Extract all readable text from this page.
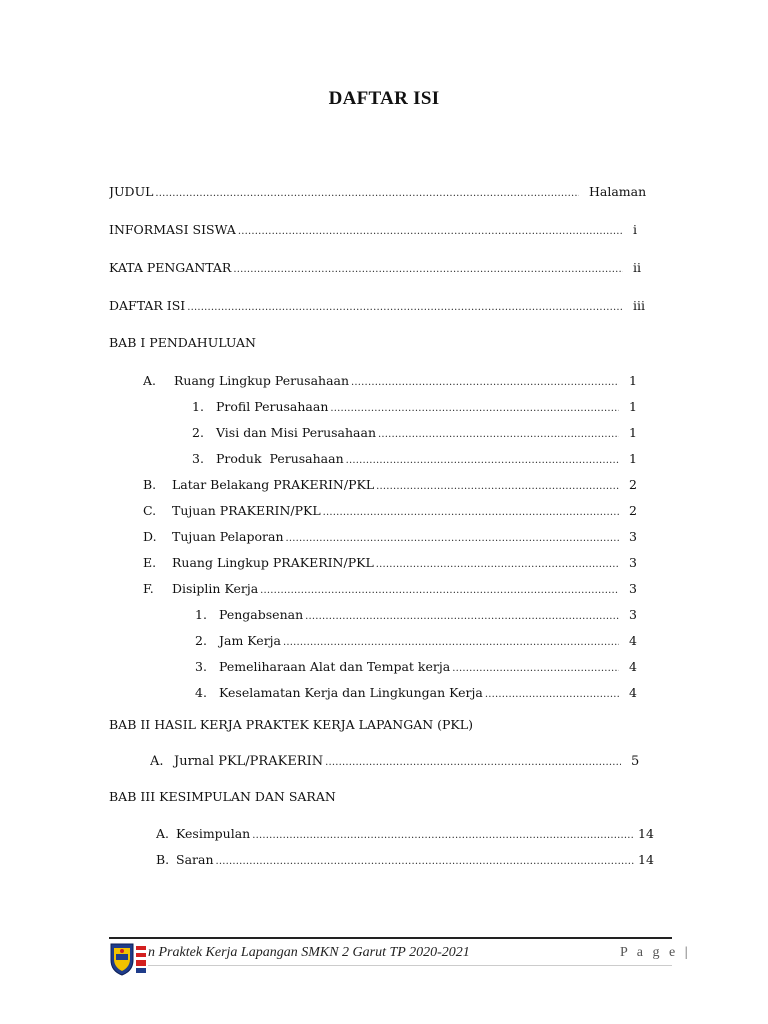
DAFTAR ISI
JUDUL .....	Halaman
INFORMASI SISWA .....	i
KATA PENGANTAR .....	ii
DAFTAR ISI .....	iii
BAB I PENDAHULUAN
A.	Ruang Lingkup Perusahaan .....	1
1. Profil Perusahaan .....	1
2. Visi dan Misi Perusahaan .....	1
3. Produk  Perusahaan .....	1
B.	Latar Belakang PRAKERIN/PKL .....	2
C.	Tujuan PRAKERIN/PKL .....	2
D.	Tujuan Pelaporan .....	3
E.	Ruang Lingkup PRAKERIN/PKL .....	3
F.	Disiplin Kerja .....	3
1. Pengabsenan .....	3
2. Jam Kerja .....	4
3. Pemeliharaan Alat dan Tempat kerja .....	4
4. Keselamatan Kerja dan Lingkungan Kerja .....	4
BAB II HASIL KERJA PRAKTEK KERJA LAPANGAN (PKL)
A. Jurnal PKL/PRAKERIN .....	5
BAB III KESIMPULAN DAN SARAN
A. Kesimpulan .....	14
B. Saran .....	14
n Praktek Kerja Lapangan SMKN 2 Garut TP 2020-2021	P a g e |
